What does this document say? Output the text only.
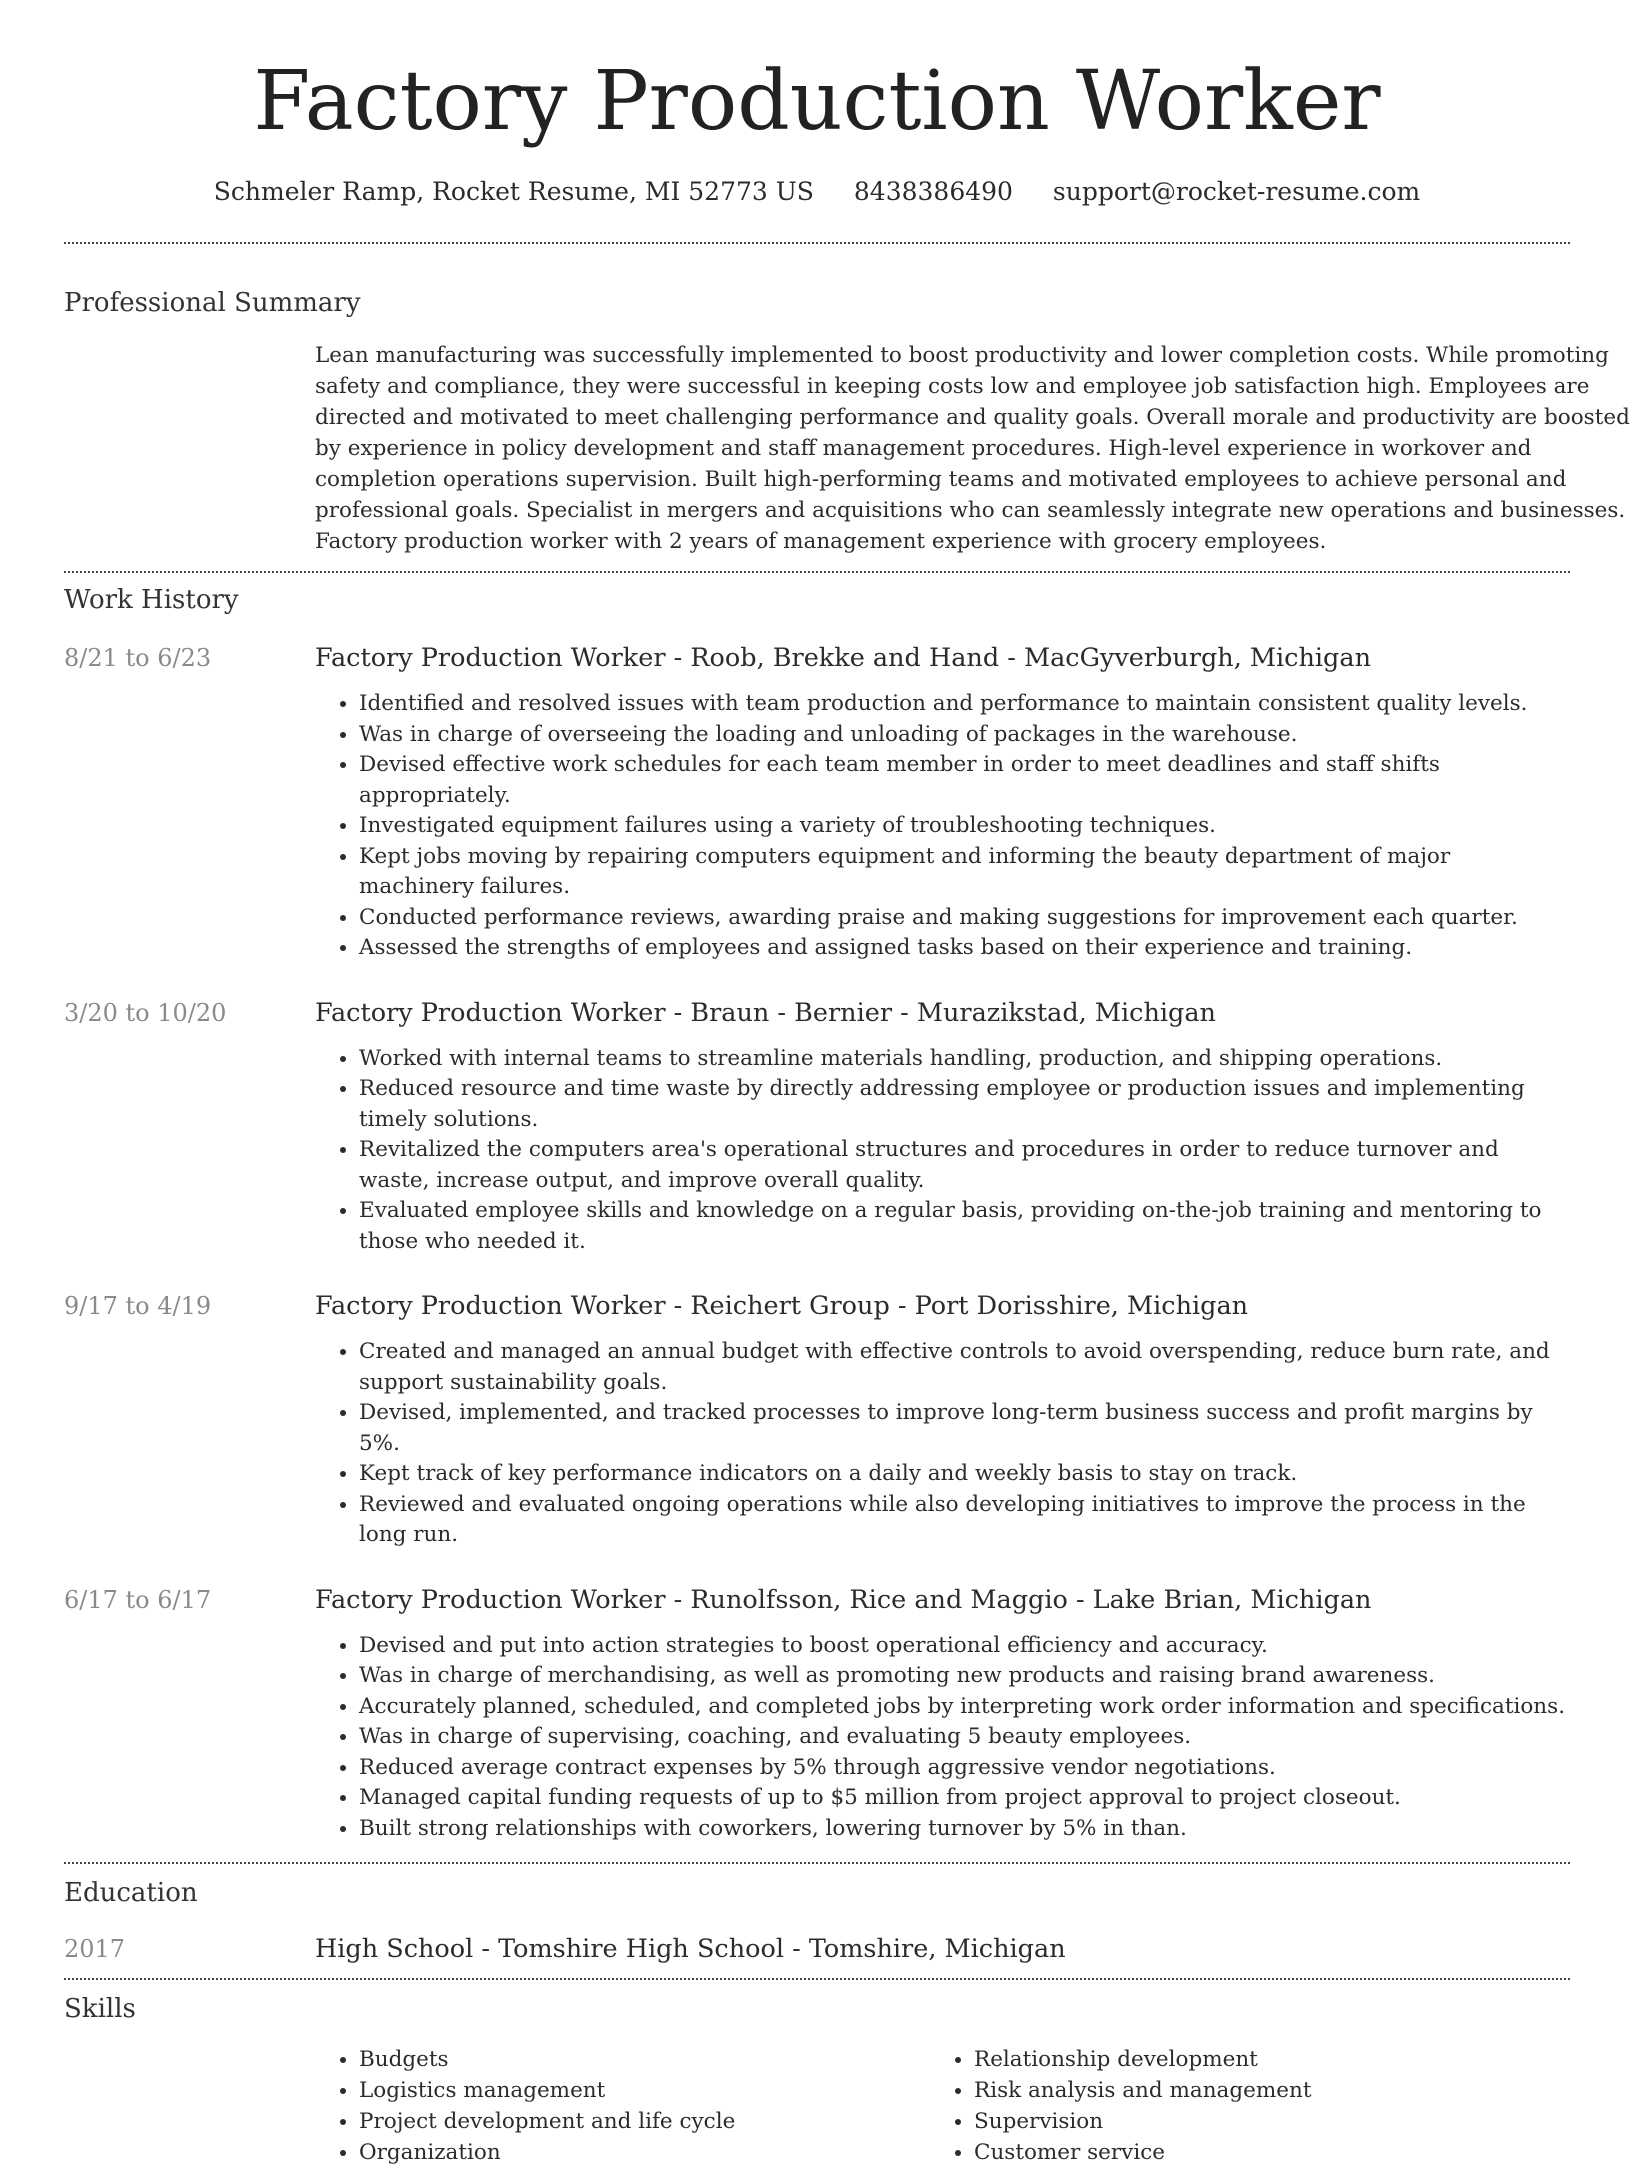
Factory Production Worker
Schmeler Ramp, Rocket Resume, MI 52773 US 8438386490 support@rocket-resume.com
Professional Summary
Lean manufacturing was successfully implemented to boost productivity and lower completion costs. While promoting safety and compliance, they were successful in keeping costs low and employee job satisfaction high. Employees are directed and motivated to meet challenging performance and quality goals. Overall morale and productivity are boosted by experience in policy development and staff management procedures. High-level experience in workover and completion operations supervision. Built high-performing teams and motivated employees to achieve personal and professional goals. Specialist in mergers and acquisitions who can seamlessly integrate new operations and businesses. Factory production worker with 2 years of management experience with grocery employees.
Work History
8/21 to 6/23	Factory Production Worker - Roob, Brekke and Hand - MacGyverburgh, Michigan
• Identified and resolved issues with team production and performance to maintain consistent quality levels.
• Was in charge of overseeing the loading and unloading of packages in the warehouse.
• Devised effective work schedules for each team member in order to meet deadlines and staff shifts appropriately.
• Investigated equipment failures using a variety of troubleshooting techniques.
• Kept jobs moving by repairing computers equipment and informing the beauty department of major machinery failures.
• Conducted performance reviews, awarding praise and making suggestions for improvement each quarter.
• Assessed the strengths of employees and assigned tasks based on their experience and training.
3/20 to 10/20	Factory Production Worker - Braun - Bernier - Murazikstad, Michigan
• Worked with internal teams to streamline materials handling, production, and shipping operations.
• Reduced resource and time waste by directly addressing employee or production issues and implementing timely solutions.
• Revitalized the computers area's operational structures and procedures in order to reduce turnover and waste, increase output, and improve overall quality.
• Evaluated employee skills and knowledge on a regular basis, providing on-the-job training and mentoring to those who needed it.
9/17 to 4/19	Factory Production Worker - Reichert Group - Port Dorisshire, Michigan
• Created and managed an annual budget with effective controls to avoid overspending, reduce burn rate, and support sustainability goals.
• Devised, implemented, and tracked processes to improve long-term business success and profit margins by 5%.
• Kept track of key performance indicators on a daily and weekly basis to stay on track.
• Reviewed and evaluated ongoing operations while also developing initiatives to improve the process in the long run.
6/17 to 6/17	Factory Production Worker - Runolfsson, Rice and Maggio - Lake Brian, Michigan
• Devised and put into action strategies to boost operational efficiency and accuracy.
• Was in charge of merchandising, as well as promoting new products and raising brand awareness.
• Accurately planned, scheduled, and completed jobs by interpreting work order information and specifications.
• Was in charge of supervising, coaching, and evaluating 5 beauty employees.
• Reduced average contract expenses by 5% through aggressive vendor negotiations.
• Managed capital funding requests of up to $5 million from project approval to project closeout.
• Built strong relationships with coworkers, lowering turnover by 5% in than.
Education
2017	High School - Tomshire High School - Tomshire, Michigan
Skills
• Budgets
• Logistics management
• Project development and life cycle
• Organization
• Relationship development
• Risk analysis and management
• Supervision
• Customer service
